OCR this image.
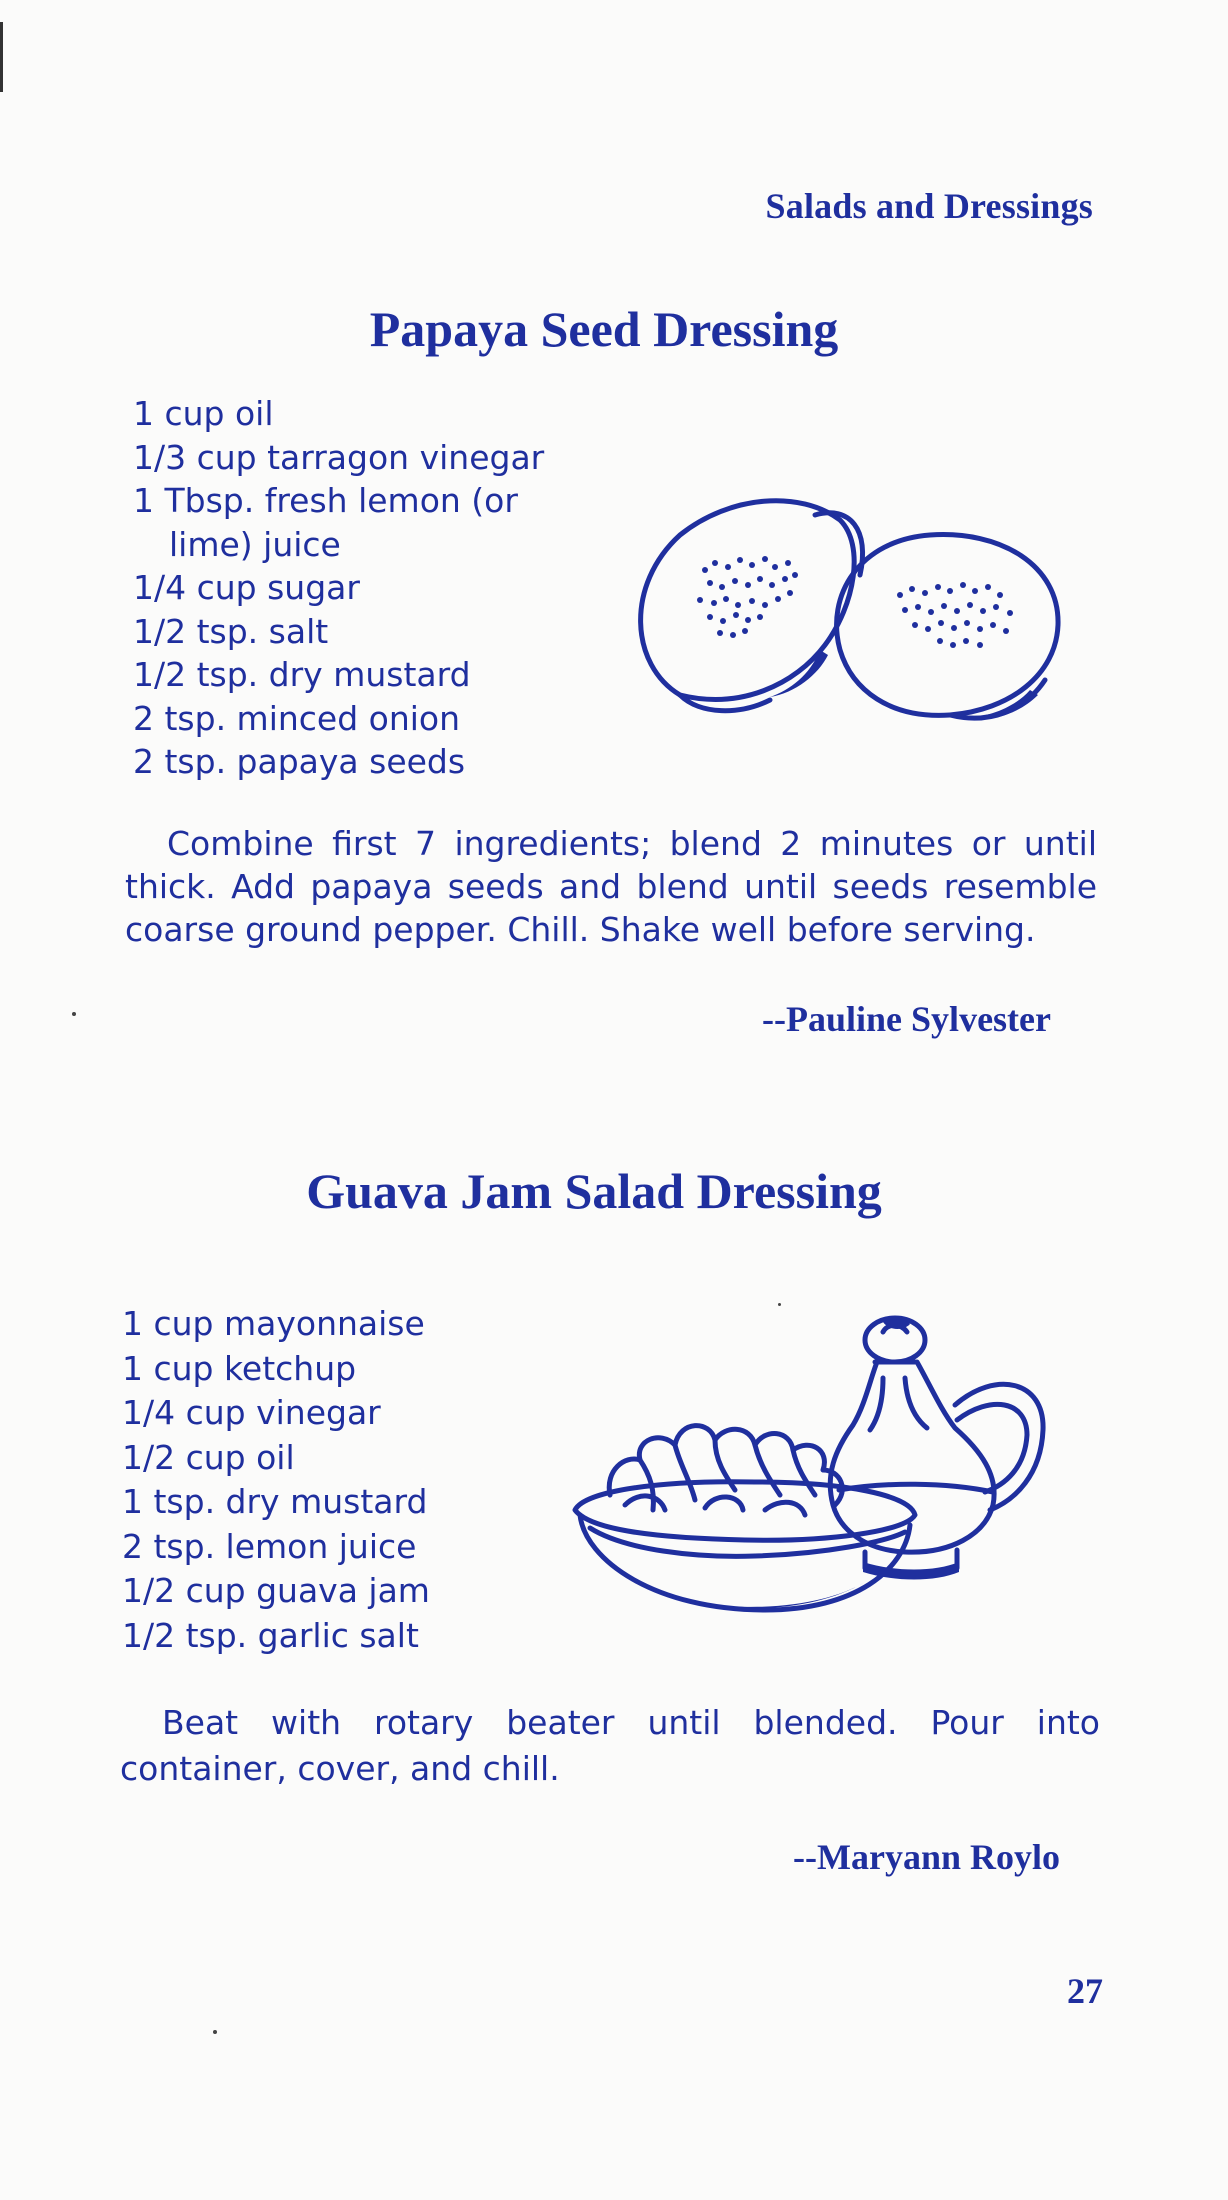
Salads and Dressings
Papaya Seed Dressing
1 cup oil
1/3 cup tarragon vinegar
1 Tbsp. fresh lemon (or
lime) juice
1/4 cup sugar
1/2 tsp. salt
1/2 tsp. dry mustard
2 tsp. minced onion
2 tsp. papaya seeds

Combine first 7 ingredients; blend 2 minutes or until thick. Add papaya seeds and blend until seeds resemble coarse ground pepper. Chill. Shake well before serving.

--Pauline Sylvester
Guava Jam Salad Dressing
1 cup mayonnaise
1 cup ketchup
1/4 cup vinegar
1/2 cup oil
1 tsp. dry mustard
2 tsp. lemon juice
1/2 cup guava jam
1/2 tsp. garlic salt

Beat with rotary beater until blended. Pour into container, cover, and chill.

--Maryann Roylo
27
